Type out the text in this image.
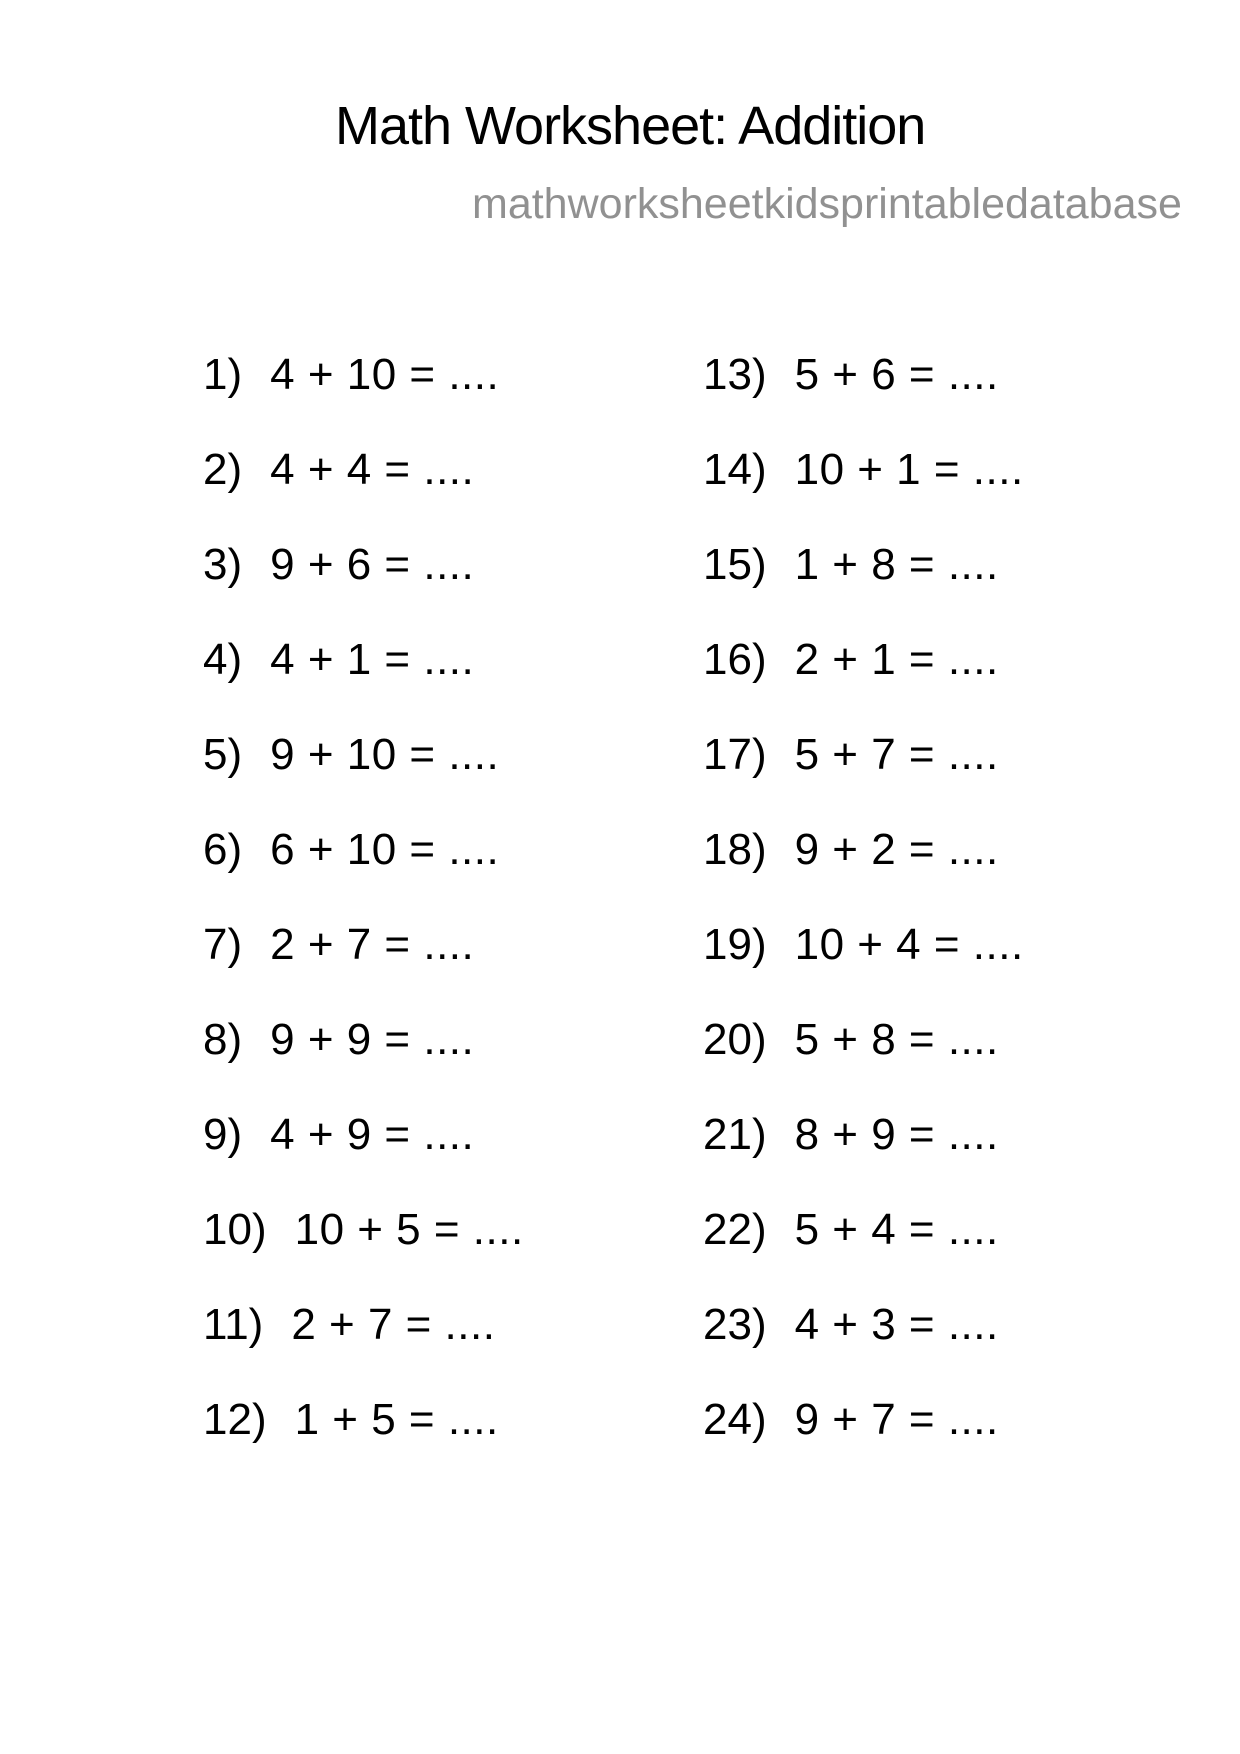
Math Worksheet: Addition
mathworksheetkidsprintabledatabase
1) 4 + 10 = ....
2) 4 + 4 = ....
3) 9 + 6 = ....
4) 4 + 1 = ....
5) 9 + 10 = ....
6) 6 + 10 = ....
7) 2 + 7 = ....
8) 9 + 9 = ....
9) 4 + 9 = ....
10) 10 + 5 = ....
11) 2 + 7 = ....
12) 1 + 5 = ....
13) 5 + 6 = ....
14) 10 + 1 = ....
15) 1 + 8 = ....
16) 2 + 1 = ....
17) 5 + 7 = ....
18) 9 + 2 = ....
19) 10 + 4 = ....
20) 5 + 8 = ....
21) 8 + 9 = ....
22) 5 + 4 = ....
23) 4 + 3 = ....
24) 9 + 7 = ....
